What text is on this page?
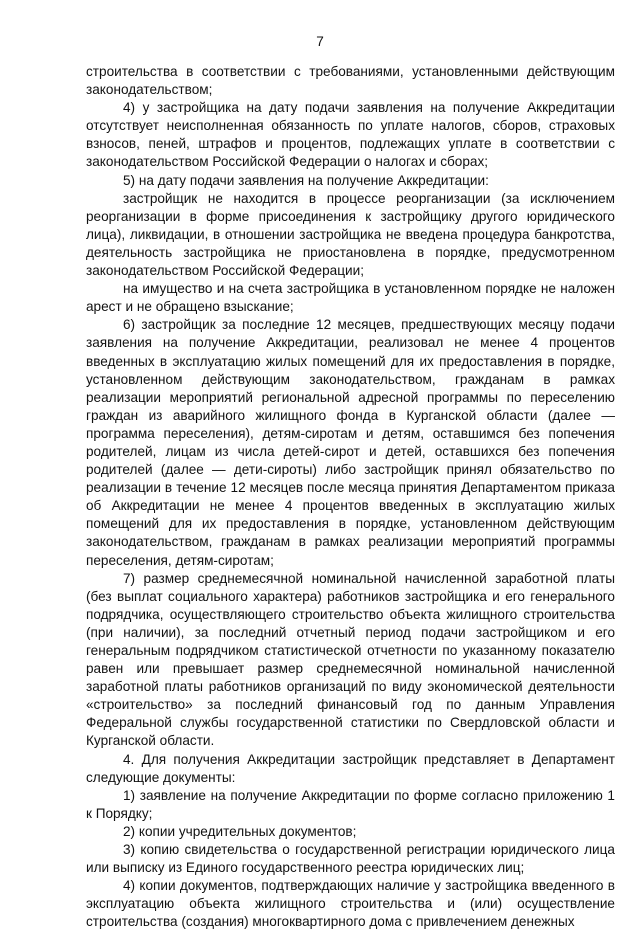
7

строительства в соответствии с требованиями, установленными действующим законодательством;

4) у застройщика на дату подачи заявления на получение Аккредитации отсутствует неисполненная обязанность по уплате налогов, сборов, страховых взносов, пеней, штрафов и процентов, подлежащих уплате в соответствии с законодательством Российской Федерации о налогах и сборах;

5) на дату подачи заявления на получение Аккредитации:

застройщик не находится в процессе реорганизации (за исключением реорганизации в форме присоединения к застройщику другого юридического лица), ликвидации, в отношении застройщика не введена процедура банкротства, деятельность застройщика не приостановлена в порядке, предусмотренном законодательством Российской Федерации;

на имущество и на счета застройщика в установленном порядке не наложен арест и не обращено взыскание;

6) застройщик за последние 12 месяцев, предшествующих месяцу подачи заявления на получение Аккредитации, реализовал не менее 4 процентов введенных в эксплуатацию жилых помещений для их предоставления в порядке, установленном действующим законодательством, гражданам в рамках реализации мероприятий региональной адресной программы по переселению граждан из аварийного жилищного фонда в Курганской области (далее — программа переселения), детям-сиротам и детям, оставшимся без попечения родителей, лицам из числа детей-сирот и детей, оставшихся без попечения родителей (далее — дети-сироты) либо застройщик принял обязательство по реализации в течение 12 месяцев после месяца принятия Департаментом приказа об Аккредитации не менее 4 процентов введенных в эксплуатацию жилых помещений для их предоставления в порядке, установленном действующим законодательством, гражданам в рамках реализации мероприятий программы переселения, детям-сиротам;

7) размер среднемесячной номинальной начисленной заработной платы (без выплат социального характера) работников застройщика и его генерального подрядчика, осуществляющего строительство объекта жилищного строительства (при наличии), за последний отчетный период подачи застройщиком и его генеральным подрядчиком статистической отчетности по указанному показателю равен или превышает размер среднемесячной номинальной начисленной заработной платы работников организаций по виду экономической деятельности «строительство» за последний финансовый год по данным Управления Федеральной службы государственной статистики по Свердловской области и Курганской области.

4. Для получения Аккредитации застройщик представляет в Департамент следующие документы:

1) заявление на получение Аккредитации по форме согласно приложению 1 к Порядку;

2) копии учредительных документов;

3) копию свидетельства о государственной регистрации юридического лица или выписку из Единого государственного реестра юридических лиц;

4) копии документов, подтверждающих наличие у застройщика введенного в эксплуатацию объекта жилищного строительства и (или) осуществление строительства (создания) многоквартирного дома с привлечением денежных
